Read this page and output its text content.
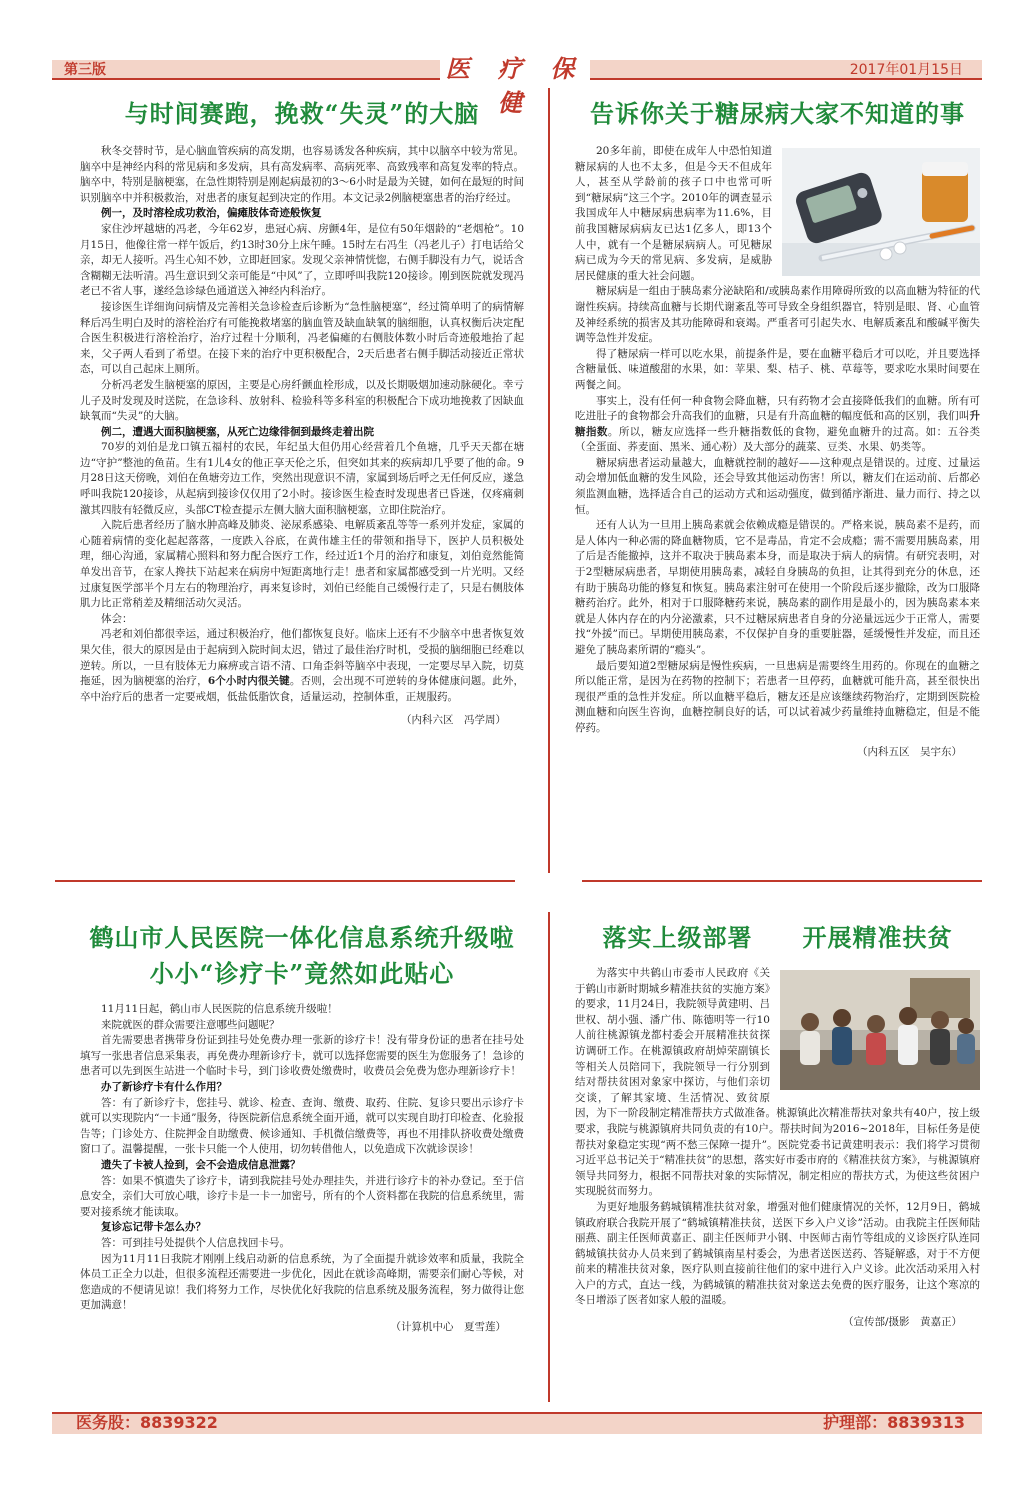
第三版	医 疗 保 健
2017年01月15日
与时间赛跑，挽救“失灵”的大脑

秋冬交替时节，是心脑血管疾病的高发期，也容易诱发各种疾病，其中以脑卒中较为常见。脑卒中是神经内科的常见病和多发病，具有高发病率、高病死率、高致残率和高复发率的特点。脑卒中，特别是脑梗塞，在急性期特别是刚起病最初的3～6小时是最为关键，如何在最短的时间识别脑卒中并积极救治，对患者的康复起到决定的作用。本文记录2例脑梗塞患者的治疗经过。

例一，及时溶栓成功救治，偏瘫肢体奇迹般恢复

家住沙坪越塘的冯老，今年62岁，患冠心病、房颤4年，是位有50年烟龄的“老烟枪”。10月15日，他像往常一样午饭后，约13时30分上床午睡。15时左右冯生（冯老儿子）打电话给父亲，却无人接听。冯生心知不妙，立即赶回家。发现父亲神情恍惚，右侧手脚没有力气，说话含含糊糊无法听清。冯生意识到父亲可能是“中风”了，立即呼叫我院120接诊。刚到医院就发现冯老已不省人事，遂经急诊绿色通道送入神经内科治疗。

接诊医生详细询问病情及完善相关急诊检查后诊断为“急性脑梗塞”，经过简单明了的病情解释后冯生明白及时的溶栓治疗有可能挽救堵塞的脑血管及缺血缺氧的脑细胞，认真权衡后决定配合医生积极进行溶栓治疗，治疗过程十分顺利，冯老偏瘫的右侧肢体数小时后奇迹般地抬了起来，父子两人看到了希望。在接下来的治疗中更积极配合，2天后患者右侧手脚活动接近正常状态，可以自己起床上厕所。

分析冯老发生脑梗塞的原因，主要是心房纤颤血栓形成，以及长期吸烟加速动脉硬化。幸亏儿子及时发现及时送院，在急诊科、放射科、检验科等多科室的积极配合下成功地挽救了因缺血缺氧而“失灵”的大脑。

例二，遭遇大面积脑梗塞，从死亡边缘徘徊到最终走着出院

70岁的刘伯是龙口镇五福村的农民，年纪虽大但仍用心经营着几个鱼塘，几乎天天都在塘边“守护”整池的鱼苗。生有1儿4女的他正享天伦之乐，但突如其来的疾病却几乎要了他的命。9月28日这天傍晚，刘伯在鱼塘旁边工作，突然出现意识不清，家属到场后呼之无任何反应，遂急呼叫我院120接诊，从起病到接诊仅仅用了2小时。接诊医生检查时发现患者已昏迷，仅疼痛刺激其四肢有轻微反应，头部CT检查提示左侧大脑大面积脑梗塞，立即住院治疗。

入院后患者经历了脑水肿高峰及肺炎、泌尿系感染、电解质紊乱等等一系列并发症，家属的心随着病情的变化起起落落，一度跌入谷底，在黄伟雄主任的带领和指导下，医护人员积极处理，细心沟通，家属精心照料和努力配合医疗工作，经过近1个月的治疗和康复，刘伯竟然能简单发出音节，在家人搀扶下站起来在病房中短距离地行走！患者和家属都感受到一片光明。又经过康复医学部半个月左右的物理治疗，再来复诊时，刘伯已经能自己缓慢行走了，只是右侧肢体肌力比正常稍差及精细活动欠灵活。

体会：

冯老和刘伯都很幸运，通过积极治疗，他们都恢复良好。临床上还有不少脑卒中患者恢复效果欠佳，很大的原因是由于起病到入院时间太迟，错过了最佳治疗时机，受损的脑细胞已经难以逆转。所以，一旦有肢体无力麻痹或言语不清、口角歪斜等脑卒中表现，一定要尽早入院，切莫拖延，因为脑梗塞的治疗，6个小时内很关键。否则，会出现不可逆转的身体健康问题。此外，卒中治疗后的患者一定要戒烟，低盐低脂饮食，适量运动，控制体重，正规服药。

（内科六区　冯学周）
告诉你关于糖尿病大家不知道的事

20多年前，即使在成年人中恐怕知道糖尿病的人也不太多，但是今天不但成年人，甚至从学龄前的孩子口中也常可听到“糖尿病”这三个字。2010年的调查显示我国成年人中糖尿病患病率为11.6%，目前我国糖尿病病友已达1亿多人，即13个人中，就有一个是糖尿病病人。可见糖尿病已成为今天的常见病、多发病，是威胁居民健康的重大社会问题。

糖尿病是一组由于胰岛素分泌缺陷和/或胰岛素作用障碍所致的以高血糖为特征的代谢性疾病。持续高血糖与长期代谢紊乱等可导致全身组织器官，特别是眼、肾、心血管及神经系统的损害及其功能障碍和衰竭。严重者可引起失水、电解质紊乱和酸碱平衡失调等急性并发症。

得了糖尿病一样可以吃水果，前提条件是，要在血糖平稳后才可以吃，并且要选择含糖量低、味道酸甜的水果，如：苹果、梨、桔子、桃、草莓等，要求吃水果时间要在两餐之间。

事实上，没有任何一种食物会降血糖，只有药物才会直接降低我们的血糖。所有可吃进肚子的食物都会升高我们的血糖，只是有升高血糖的幅度低和高的区别，我们叫升糖指数。所以，糖友应选择一些升糖指数低的食物，避免血糖升的过高。如：五谷类（全蛋面、荞麦面、黑米、通心粉）及大部分的蔬菜、豆类、水果、奶类等。

糖尿病患者运动量越大，血糖就控制的越好——这种观点是错误的。过度、过量运动会增加低血糖的发生风险，还会导致其他运动伤害！所以，糖友们在运动前、后都必须监测血糖，选择适合自己的运动方式和运动强度，做到循序渐进、量力而行、持之以恒。

还有人认为一旦用上胰岛素就会依赖成瘾是错误的。严格来说，胰岛素不是药，而是人体内一种必需的降血糖物质，它不是毒品，肯定不会成瘾；需不需要用胰岛素，用了后是否能撤掉，这并不取决于胰岛素本身，而是取决于病人的病情。有研究表明，对于2型糖尿病患者，早期使用胰岛素，减轻自身胰岛的负担，让其得到充分的休息，还有助于胰岛功能的修复和恢复。胰岛素注射可在使用一个阶段后逐步撤除，改为口服降糖药治疗。此外，相对于口服降糖药来说，胰岛素的副作用是最小的，因为胰岛素本来就是人体内存在的内分泌激素，只不过糖尿病患者自身的分泌量远远少于正常人，需要找“外援”而已。早期使用胰岛素，不仅保护自身的重要脏器，延缓慢性并发症，而且还避免了胰岛素所谓的“瘾头”。

最后要知道2型糖尿病是慢性疾病，一旦患病是需要终生用药的。你现在的血糖之所以能正常，是因为在药物的控制下；若患者一旦停药，血糖就可能升高，甚至很快出现很严重的急性并发症。所以血糖平稳后，糖友还是应该继续药物治疗，定期到医院检测血糖和向医生咨询，血糖控制良好的话，可以试着减少药量维持血糖稳定，但是不能停药。

（内科五区　吴宇东）
鹤山市人民医院一体化信息系统升级啦
小小“诊疗卡”竟然如此贴心

11月11日起，鹤山市人民医院的信息系统升级啦！

来院就医的群众需要注意哪些问题呢？

首先需要患者携带身份证到挂号处免费办理一张新的诊疗卡！没有带身份证的患者在挂号处填写一张患者信息采集表，再免费办理新诊疗卡，就可以选择您需要的医生为您服务了！急诊的患者可以先到医生站进一个临时卡号，到门诊收费处缴费时，收费员会免费为您办理新诊疗卡！

办了新诊疗卡有什么作用？

答：有了新诊疗卡，您挂号、就诊、检查、查询、缴费、取药、住院、复诊只要出示诊疗卡就可以实现院内“一卡通”服务，待医院新信息系统全面开通，就可以实现自助打印检查、化验报告等；门诊处方、住院押金自助缴费、候诊通知、手机微信缴费等，再也不用排队挤收费处缴费窗口了。温馨提醒，一张卡只能一个人使用，切勿转借他人，以免造成下次就诊误诊！

遗失了卡被人捡到，会不会造成信息泄露？

答：如果不慎遗失了诊疗卡，请到我院挂号处办理挂失，并进行诊疗卡的补办登记。至于信息安全，亲们大可放心哦，诊疗卡是一卡一加密号，所有的个人资料都在我院的信息系统里，需要对接系统才能读取。

复诊忘记带卡怎么办？

答：可到挂号处提供个人信息找回卡号。

因为11月11日我院才刚刚上线启动新的信息系统，为了全面提升就诊效率和质量，我院全体员工正全力以赴，但很多流程还需要进一步优化，因此在就诊高峰期，需要亲们耐心等候，对您造成的不便请见谅！我们将努力工作，尽快优化好我院的信息系统及服务流程，努力做得让您更加满意！

（计算机中心　夏雪莲）
落实上级部署　　开展精准扶贫

为落实中共鹤山市委市人民政府《关于鹤山市新时期城乡精准扶贫的实施方案》的要求，11月24日，我院领导黄建明、吕世权、胡小强、潘广伟、陈德明等一行10人前往桃源镇龙都村委会开展精准扶贫探访调研工作。在桃源镇政府胡焯荣副镇长等相关人员陪同下，我院领导一行分别到结对帮扶贫困对象家中探访，与他们亲切交谈，了解其家境、生活情况、致贫原因，为下一阶段制定精准帮扶方式做准备。桃源镇此次精准帮扶对象共有40户，按上级要求，我院与桃源镇府共同负责的有10户。帮扶时间为2016~2018年，目标任务是使帮扶对象稳定实现“两不愁三保障一提升”。医院党委书记黄建明表示：我们将学习贯彻习近平总书记关于“精准扶贫”的思想，落实好市委市府的《精准扶贫方案》，与桃源镇府领导共同努力，根据不同帮扶对象的实际情况，制定相应的帮扶方式，为使这些贫困户实现脱贫而努力。

为更好地服务鹤城镇精准扶贫对象，增强对他们健康情况的关怀，12月9日，鹤城镇政府联合我院开展了“鹤城镇精准扶贫，送医下乡入户义诊”活动。由我院主任医师陆丽燕、副主任医师黄嘉正、副主任医师尹小钢、中医师古南竹等组成的义诊医疗队连同鹤城镇扶贫办人员来到了鹤城镇南星村委会，为患者送医送药、答疑解惑，对于不方便前来的精准扶贫对象，医疗队则直接前往他们的家中进行入户义诊。此次活动采用入村入户的方式，直达一线，为鹤城镇的精准扶贫对象送去免费的医疗服务，让这个寒凉的冬日增添了医者如家人般的温暖。

（宣传部/摄影　黄嘉正）
医务股：8839322	护理部：8839313
